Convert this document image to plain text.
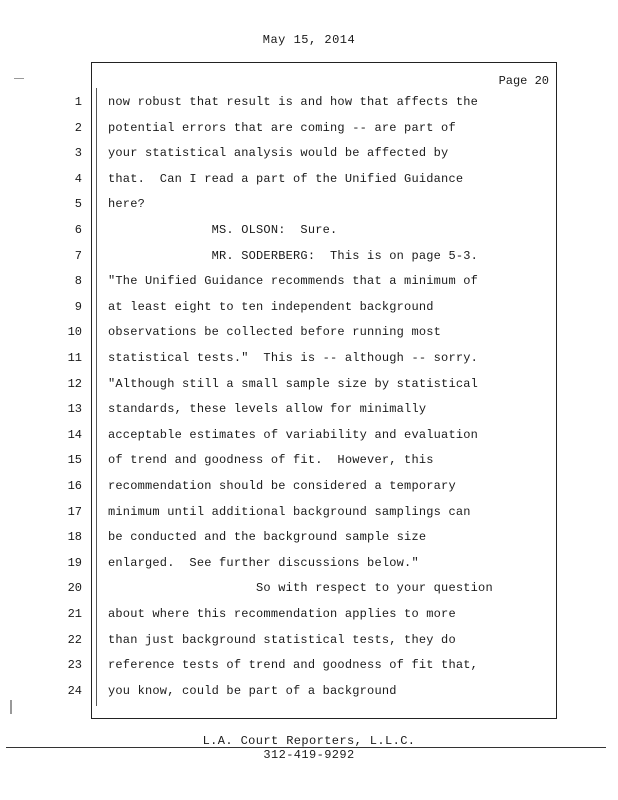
May 15, 2014
Page 20
1 now robust that result is and how that affects the
2 potential errors that are coming -- are part of
3 your statistical analysis would be affected by
4 that.  Can I read a part of the Unified Guidance
5 here?
6 MS. OLSON:  Sure.
7 MR. SODERBERG:  This is on page 5-3.
8 "The Unified Guidance recommends that a minimum of
9 at least eight to ten independent background
10 observations be collected before running most
11 statistical tests."  This is -- although -- sorry.
12 "Although still a small sample size by statistical
13 standards, these levels allow for minimally
14 acceptable estimates of variability and evaluation
15 of trend and goodness of fit.  However, this
16 recommendation should be considered a temporary
17 minimum until additional background samplings can
18 be conducted and the background sample size
19 enlarged.  See further discussions below."
20 So with respect to your question
21 about where this recommendation applies to more
22 than just background statistical tests, they do
23 reference tests of trend and goodness of fit that,
24 you know, could be part of a background
L.A. Court Reporters, L.L.C.
312-419-9292
